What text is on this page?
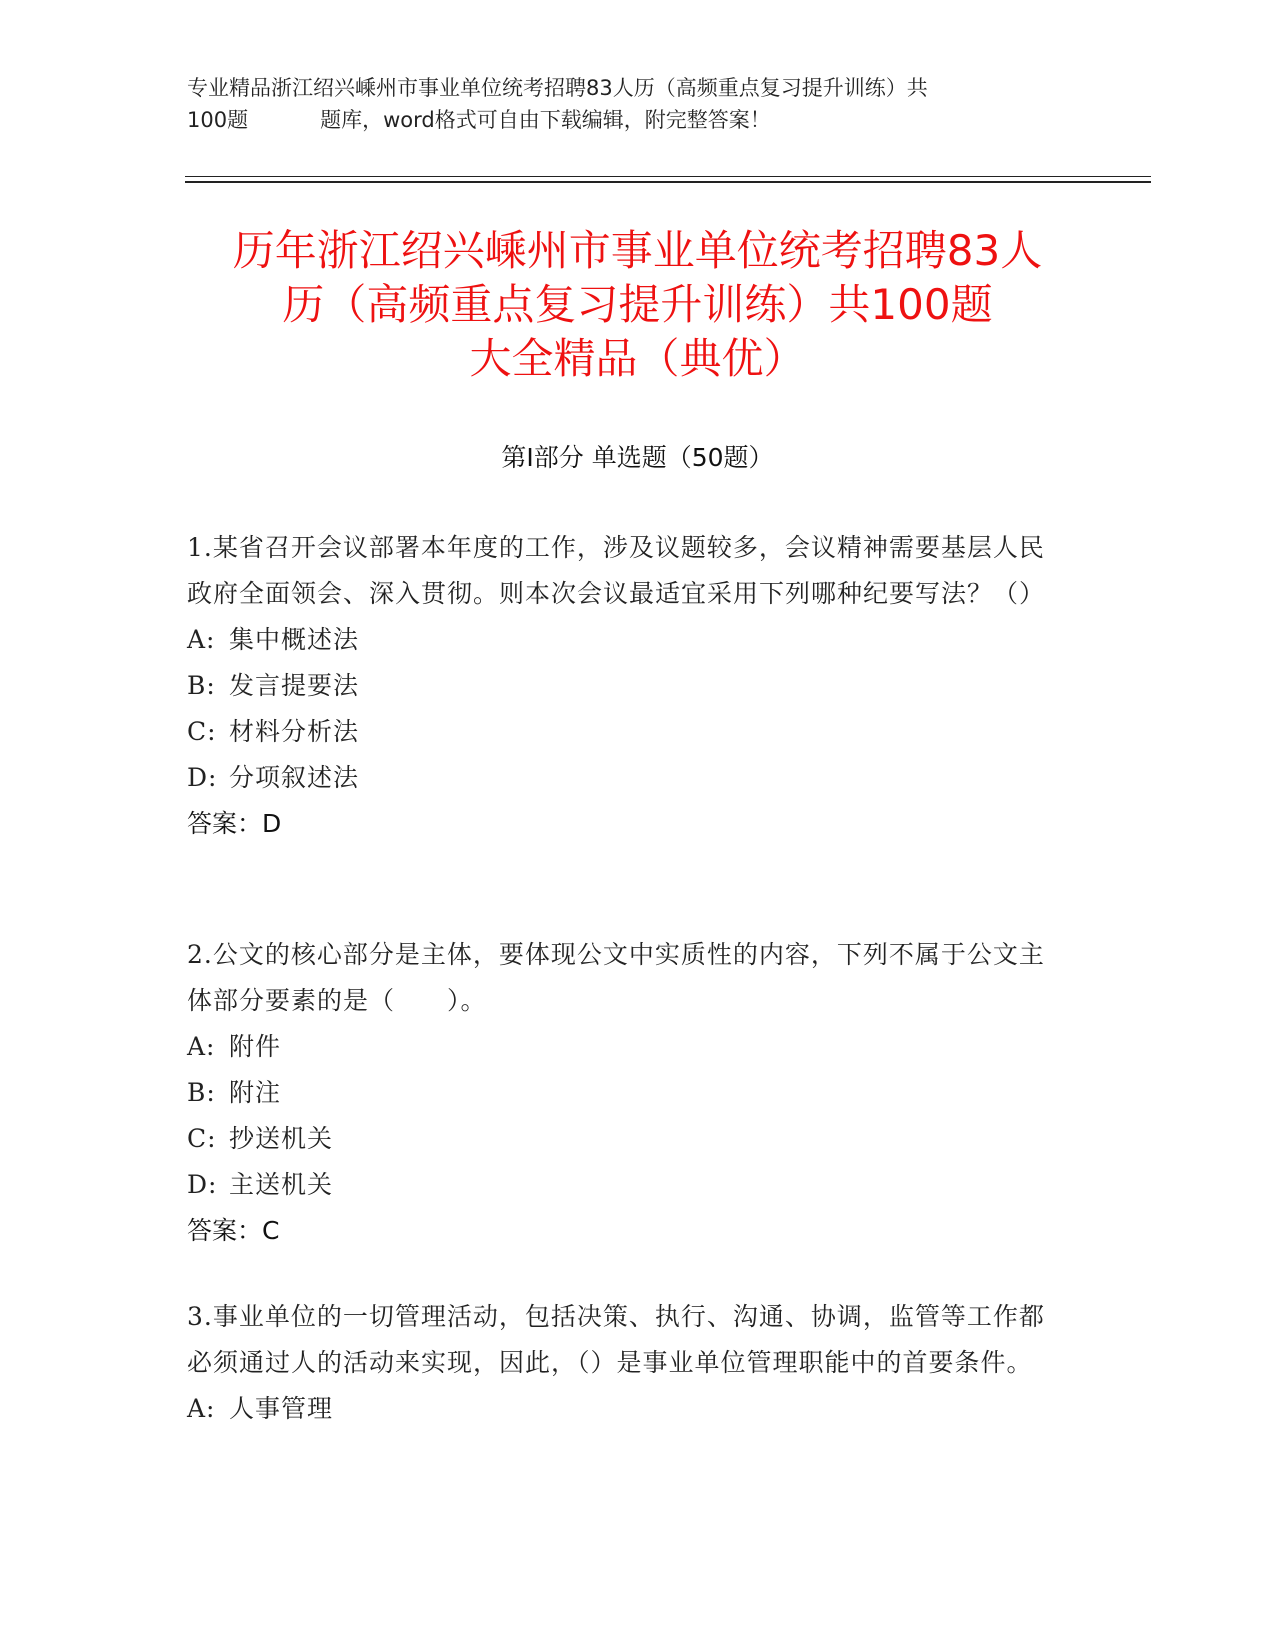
专业精品浙江绍兴嵊州市事业单位统考招聘83人历（高频重点复习提升训练）共

100题	题库，word格式可自由下载编辑，附完整答案！
历年浙江绍兴嵊州市事业单位统考招聘83人
历（高频重点复习提升训练）共100题
大全精品（典优）
第Ⅰ部分 单选题（50题）
1.某省召开会议部署本年度的工作，涉及议题较多，会议精神需要基层人民政府全面领会、深入贯彻。则本次会议最适宜采用下列哪种纪要写法？（）
A: 集中概述法
B: 发言提要法
C: 材料分析法
D: 分项叙述法
答案：D
2.公文的核心部分是主体，要体现公文中实质性的内容，下列不属于公文主体部分要素的是（　　）。
A: 附件
B: 附注
C: 抄送机关
D: 主送机关
答案：C
3.事业单位的一切管理活动，包括决策、执行、沟通、协调，监管等工作都必须通过人的活动来实现，因此，（）是事业单位管理职能中的首要条件。
A: 人事管理
